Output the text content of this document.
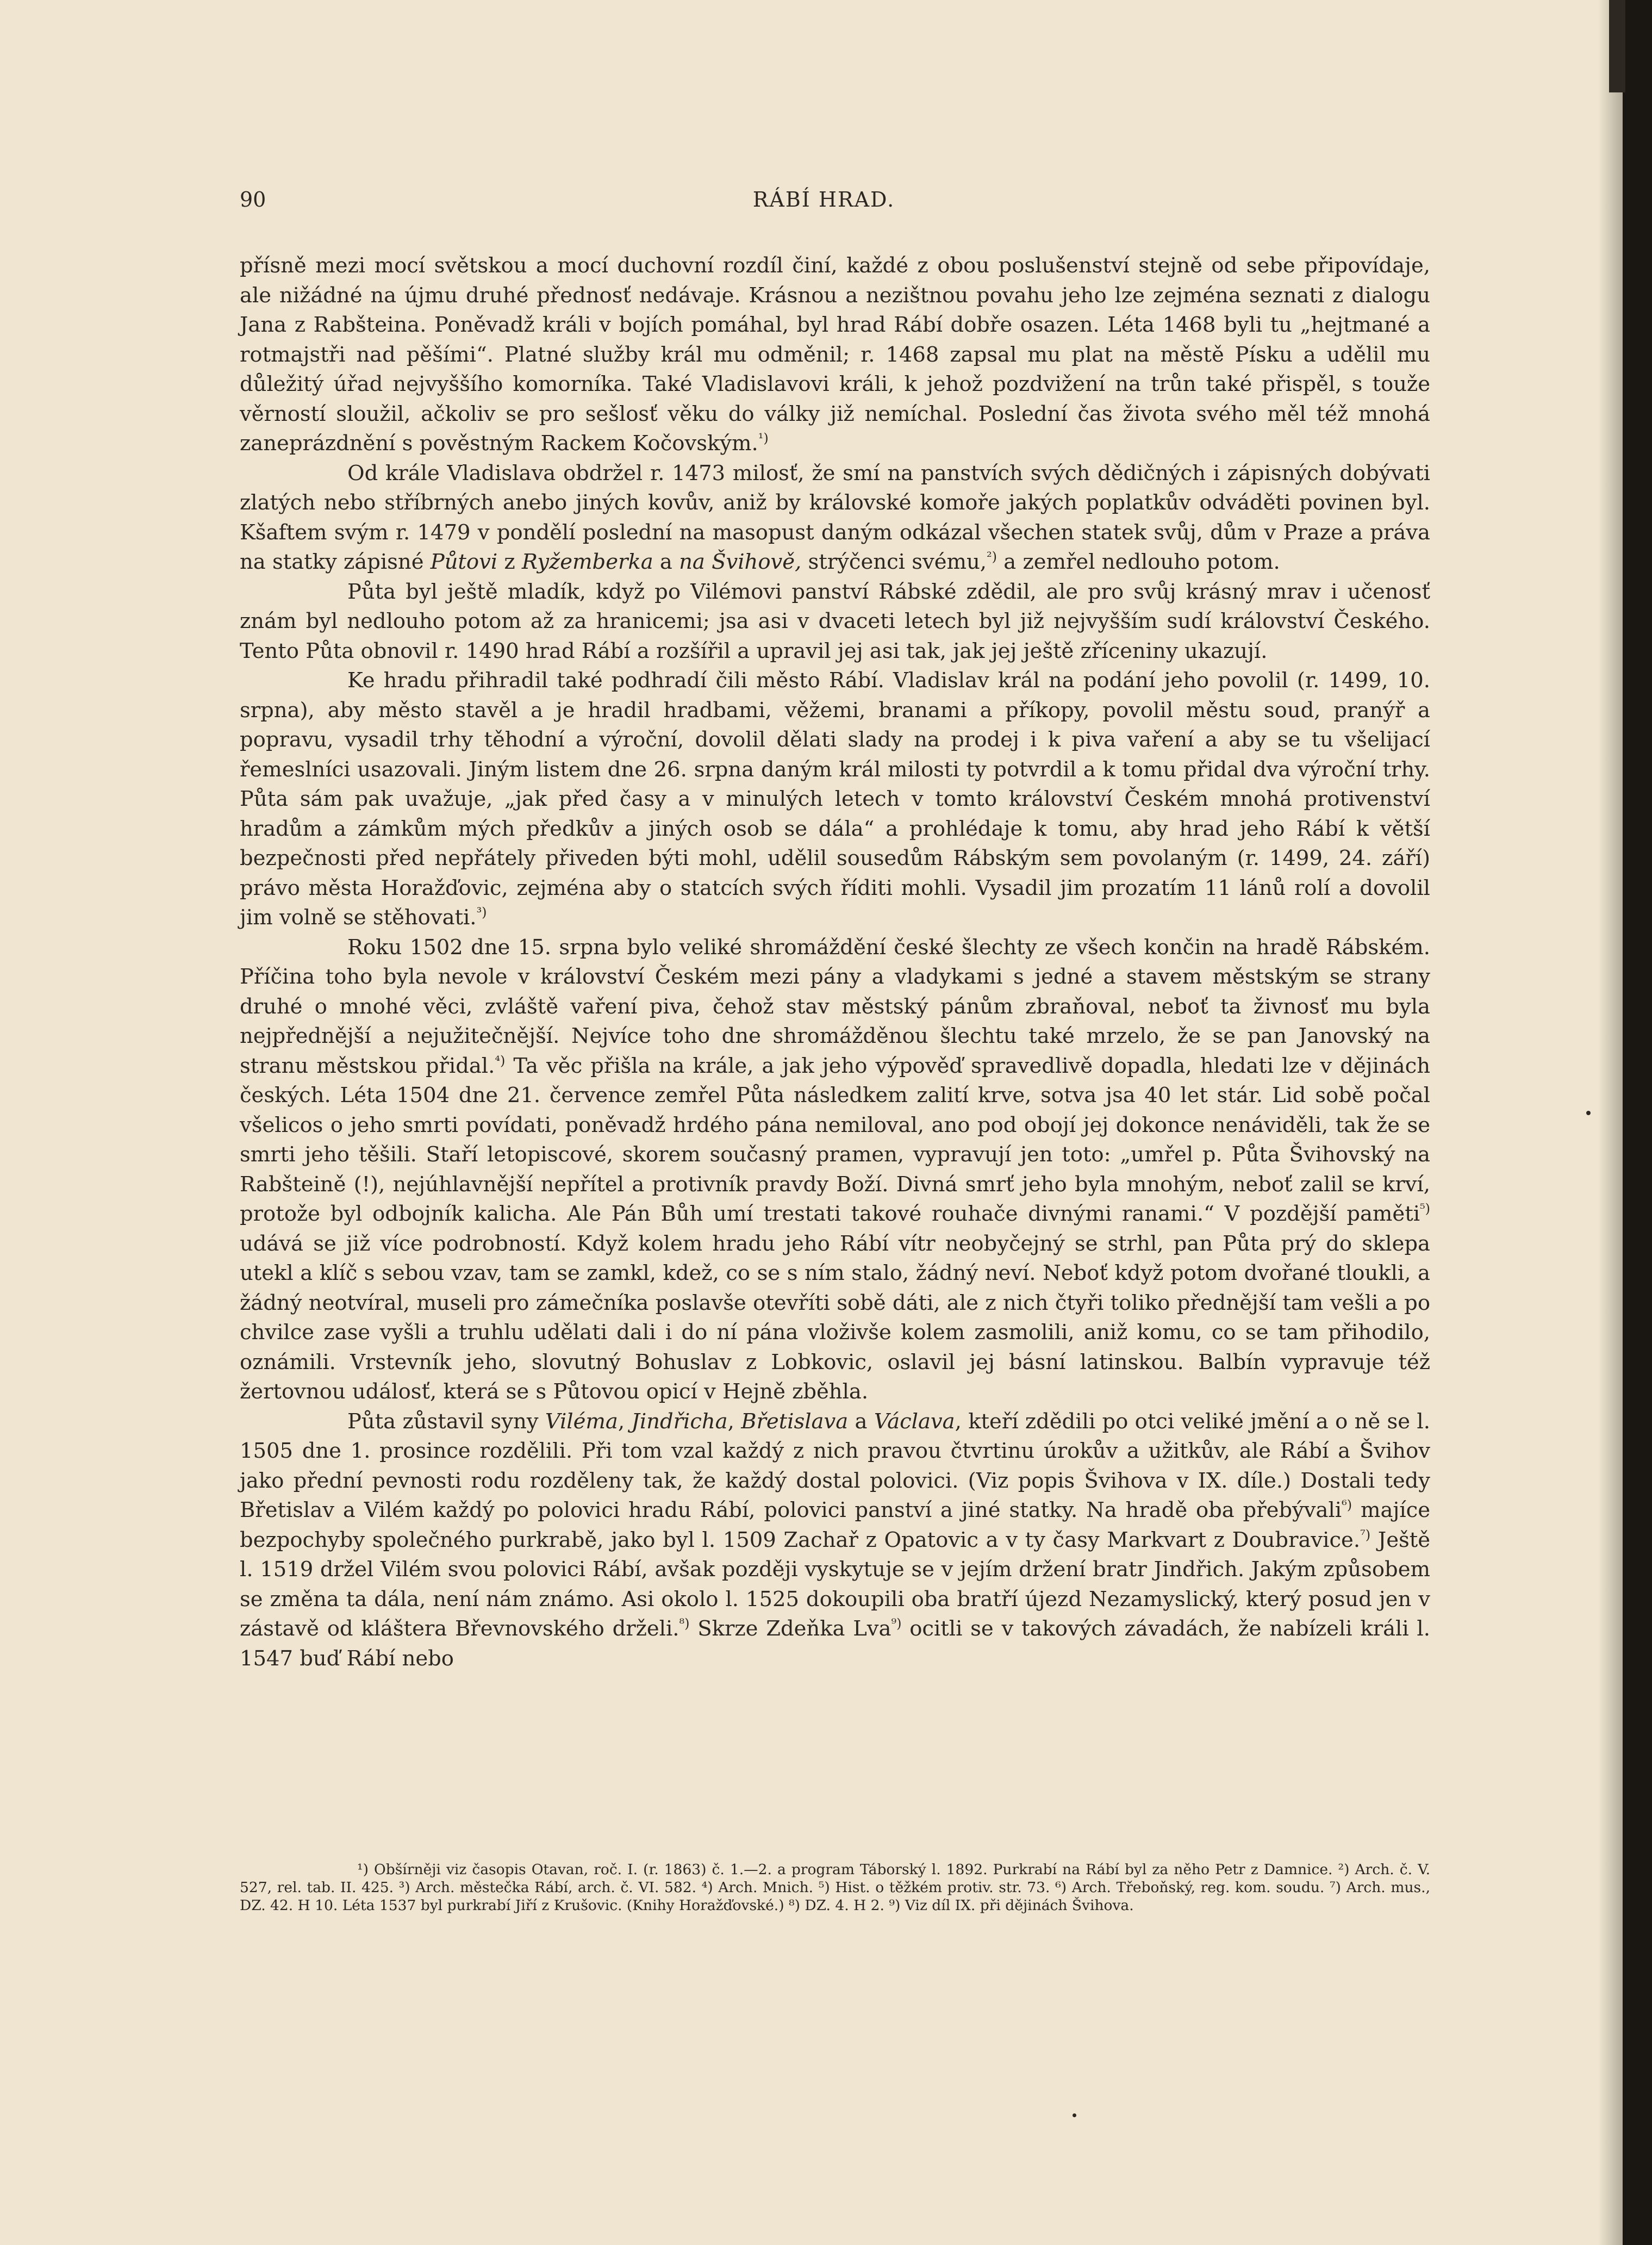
90	RÁBÍ HRAD.

přísně mezi mocí světskou a mocí duchovní rozdíl činí, každé z obou poslušenství stejně od sebe připovídaje, ale nižádné na újmu druhé přednosť nedávaje. Krásnou a nezištnou povahu jeho lze zejména seznati z dialogu Jana z Rabšteina. Poněvadž králi v bojích pomáhal, byl hrad Rábí dobře osazen. Léta 1468 byli tu „hejtmané a rotmajstři nad pěšími“. Platné služby král mu odměnil; r. 1468 zapsal mu plat na městě Písku a udělil mu důležitý úřad nejvyššího komorníka. Také Vladislavovi králi, k jehož pozdvižení na trůn také přispěl, s touže věrností sloužil, ačkoliv se pro sešlosť věku do války již nemíchal. Poslední čas života svého měl též mnohá zaneprázdnění s pověstným Rackem Kočovským.$^{^1)}$

Od krále Vladislava obdržel r. 1473 milosť, že smí na panstvích svých dědičných i zápisných dobývati zlatých nebo stříbrných anebo jiných kovův, aniž by královské komoře jakých poplatkův odváděti povinen byl. Kšaftem svým r. 1479 v pondělí poslední na masopust daným odkázal všechen statek svůj, dům v Praze a práva na statky zápisné Půtovi z Ryžemberka a na Švihově, strýčenci svému,$^{^2)}$ a zemřel nedlouho potom.

Půta byl ještě mladík, když po Vilémovi panství Rábské zdědil, ale pro svůj krásný mrav i učenosť znám byl nedlouho potom až za hranicemi; jsa asi v dvaceti letech byl již nejvyšším sudí království Českého. Tento Půta obnovil r. 1490 hrad Rábí a rozšířil a upravil jej asi tak, jak jej ještě zříceniny ukazují.

Ke hradu přihradil také podhradí čili město Rábí. Vladislav král na podání jeho povolil (r. 1499, 10. srpna), aby město stavěl a je hradil hradbami, věžemi, branami a příkopy, povolil městu soud, pranýř a popravu, vysadil trhy těhodní a výroční, dovolil dělati slady na prodej i k piva vaření a aby se tu všelijací řemeslníci usazovali. Jiným listem dne 26. srpna daným král milosti ty potvrdil a k tomu přidal dva výroční trhy. Půta sám pak uvažuje, „jak před časy a v minulých letech v tomto království Českém mnohá protivenství hradům a zámkům mých předkův a jiných osob se dála“ a prohlédaje k tomu, aby hrad jeho Rábí k větší bezpečnosti před nepřátely přiveden býti mohl, udělil sousedům Rábským sem povolaným (r. 1499, 24. září) právo města Horažďovic, zejména aby o statcích svých říditi mohli. Vysadil jim prozatím 11 lánů rolí a dovolil jim volně se stěhovati.$^{^3)}$

Roku 1502 dne 15. srpna bylo veliké shromáždění české šlechty ze všech končin na hradě Rábském. Příčina toho byla nevole v království Českém mezi pány a vladykami s jedné a stavem městským se strany druhé o mnohé věci, zvláště vaření piva, čehož stav městský pánům zbraňoval, neboť ta živnosť mu byla nejpřednější a nejužitečnější. Nejvíce toho dne shromážděnou šlechtu také mrzelo, že se pan Janovský na stranu městskou přidal.$^{^4)}$ Ta věc přišla na krále, a jak jeho výpověď spravedlivě dopadla, hledati lze v dějinách českých. Léta 1504 dne 21. července zemřel Půta následkem zalití krve, sotva jsa 40 let stár. Lid sobě počal všelicos o jeho smrti povídati, poněvadž hrdého pána nemiloval, ano pod obojí jej dokonce nenáviděli, tak že se smrti jeho těšili. Staří letopiscové, skorem současný pramen, vypravují jen toto: „umřel p. Půta Švihovský na Rabšteině (!), nejúhlavnější nepřítel a protivník pravdy Boží. Divná smrť jeho byla mnohým, neboť zalil se krví, protože byl odbojník kalicha. Ale Pán Bůh umí trestati takové rouhače divnými ranami.“ V pozdější paměti$^{^5)}$ udává se již více podrobností. Když kolem hradu jeho Rábí vítr neobyčejný se strhl, pan Půta prý do sklepa utekl a klíč s sebou vzav, tam se zamkl, kdež, co se s ním stalo, žádný neví. Neboť když potom dvořané tloukli, a žádný neotvíral, museli pro zámečníka poslavše otevříti sobě dáti, ale z nich čtyři toliko přednější tam vešli a po chvilce zase vyšli a truhlu udělati dali i do ní pána vloživše kolem zasmolili, aniž komu, co se tam přihodilo, oznámili. Vrstevník jeho, slovutný Bohuslav z Lobkovic, oslavil jej básní latinskou. Balbín vypravuje též žertovnou událosť, která se s Půtovou opicí v Hejně zběhla.

Půta zůstavil syny Viléma, Jindřicha, Břetislava a Václava, kteří zdědili po otci veliké jmění a o ně se l. 1505 dne 1. prosince rozdělili. Při tom vzal každý z nich pravou čtvrtinu úrokův a užitkův, ale Rábí a Švihov jako přední pevnosti rodu rozděleny tak, že každý dostal polovici. (Viz popis Švihova v IX. díle.) Dostali tedy Břetislav a Vilém každý po polovici hradu Rábí, polovici panství a jiné statky. Na hradě oba přebývali$^{^6)}$ majíce bezpochyby společného purkrabě, jako byl l. 1509 Zachař z Opatovic a v ty časy Markvart z Doubravice.$^{^7)}$ Ještě l. 1519 držel Vilém svou polovici Rábí, avšak později vyskytuje se v jejím držení bratr Jindřich. Jakým způsobem se změna ta dála, není nám známo. Asi okolo l. 1525 dokoupili oba bratří újezd Nezamyslický, který posud jen v zástavě od kláštera Břevnovského drželi.$^{^8)}$ Skrze Zdeňka Lva$^{^9)}$ ocitli se v takových závadách, že nabízeli králi l. 1547 buď Rábí nebo

¹) Obšírněji viz časopis Otavan, roč. I. (r. 1863) č. 1.—2. a program Táborský l. 1892. Purkrabí na Rábí byl za něho Petr z Damnice. ²) Arch. č. V. 527, rel. tab. II. 425. ³) Arch. městečka Rábí, arch. č. VI. 582. ⁴) Arch. Mnich. ⁵) Hist. o těžkém protiv. str. 73. ⁶) Arch. Třeboňský, reg. kom. soudu. ⁷) Arch. mus., DZ. 42. H 10. Léta 1537 byl purkrabí Jiří z Krušovic. (Knihy Horažďovské.) ⁸) DZ. 4. H 2. ⁹) Viz díl IX. při dějinách Švihova.
